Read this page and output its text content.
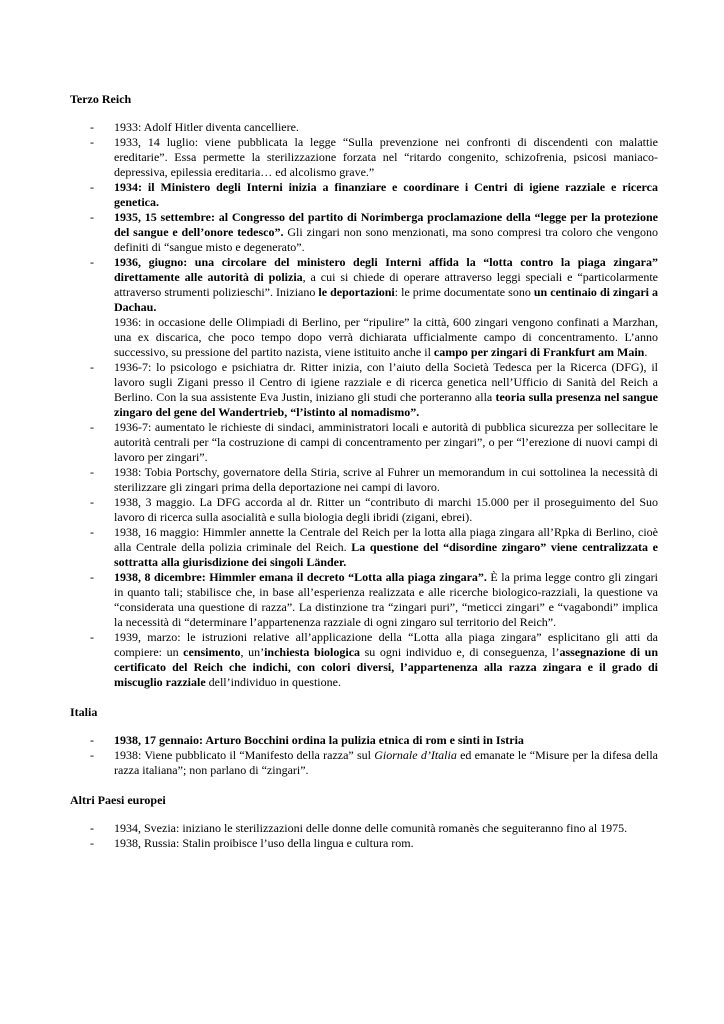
Terzo Reich
- 1933: Adolf Hitler diventa cancelliere.
- 1933, 14 luglio: viene pubblicata la legge “Sulla prevenzione nei confronti di discendenti con malattie ereditarie”. Essa permette la sterilizzazione forzata nel “ritardo congenito, schizofrenia, psicosi maniaco-depressiva, epilessia ereditaria… ed alcolismo grave.”
- 1934: il Ministero degli Interni inizia a finanziare e coordinare i Centri di igiene razziale e ricerca genetica.
- 1935, 15 settembre: al Congresso del partito di Norimberga proclamazione della “legge per la protezione del sangue e dell’onore tedesco”. Gli zingari non sono menzionati, ma sono compresi tra coloro che vengono definiti di “sangue misto e degenerato”.
- 1936, giugno: una circolare del ministero degli Interni affida la “lotta contro la piaga zingara” direttamente alle autorità di polizia, a cui si chiede di operare attraverso leggi speciali e “particolarmente attraverso strumenti polizieschi”. Iniziano le deportazioni: le prime documentate sono un centinaio di zingari a Dachau.
1936: in occasione delle Olimpiadi di Berlino, per “ripulire” la città, 600 zingari vengono confinati a Marzhan, una ex discarica, che poco tempo dopo verrà dichiarata ufficialmente campo di concentramento. L’anno successivo, su pressione del partito nazista, viene istituito anche il campo per zingari di Frankfurt am Main.
- 1936-7: lo psicologo e psichiatra dr. Ritter inizia, con l’aiuto della Società Tedesca per la Ricerca (DFG), il lavoro sugli Zigani presso il Centro di igiene razziale e di ricerca genetica nell’Ufficio di Sanità del Reich a Berlino. Con la sua assistente Eva Justin, iniziano gli studi che porteranno alla teoria sulla presenza nel sangue zingaro del gene del Wandertrieb, “l’istinto al nomadismo”.
- 1936-7: aumentato le richieste di sindaci, amministratori locali e autorità di pubblica sicurezza per sollecitare le autorità centrali per “la costruzione di campi di concentramento per zingari”, o per “l’erezione di nuovi campi di lavoro per zingari”.
- 1938: Tobia Portschy, governatore della Stiria, scrive al Fuhrer un memorandum in cui sottolinea la necessità di sterilizzare gli zingari prima della deportazione nei campi di lavoro.
- 1938, 3 maggio. La DFG accorda al dr. Ritter un “contributo di marchi 15.000 per il proseguimento del Suo lavoro di ricerca sulla asocialità e sulla biologia degli ibridi (zigani, ebrei).
- 1938, 16 maggio: Himmler annette la Centrale del Reich per la lotta alla piaga zingara all’Rpka di Berlino, cioè alla Centrale della polizia criminale del Reich. La questione del “disordine zingaro” viene centralizzata e sottratta alla giurisdizione dei singoli Länder.
- 1938, 8 dicembre: Himmler emana il decreto “Lotta alla piaga zingara”. È la prima legge contro gli zingari in quanto tali; stabilisce che, in base all’esperienza realizzata e alle ricerche biologico-razziali, la questione va “considerata una questione di razza”. La distinzione tra “zingari puri”, “meticci zingari” e “vagabondi” implica la necessità di “determinare l’appartenenza razziale di ogni zingaro sul territorio del Reich”.
- 1939, marzo: le istruzioni relative all’applicazione della “Lotta alla piaga zingara” esplicitano gli atti da compiere: un censimento, un’inchiesta biologica su ogni individuo e, di conseguenza, l’assegnazione di un certificato del Reich che indichi, con colori diversi, l’appartenenza alla razza zingara e il grado di miscuglio razziale dell’individuo in questione.
Italia
- 1938, 17 gennaio: Arturo Bocchini ordina la pulizia etnica di rom e sinti in Istria
- 1938: Viene pubblicato il “Manifesto della razza” sul Giornale d’Italia ed emanate le “Misure per la difesa della razza italiana”; non parlano di “zingari”.
Altri Paesi europei
- 1934, Svezia: iniziano le sterilizzazioni delle donne delle comunità romanès che seguiteranno fino al 1975.
- 1938, Russia: Stalin proibisce l’uso della lingua e cultura rom.
